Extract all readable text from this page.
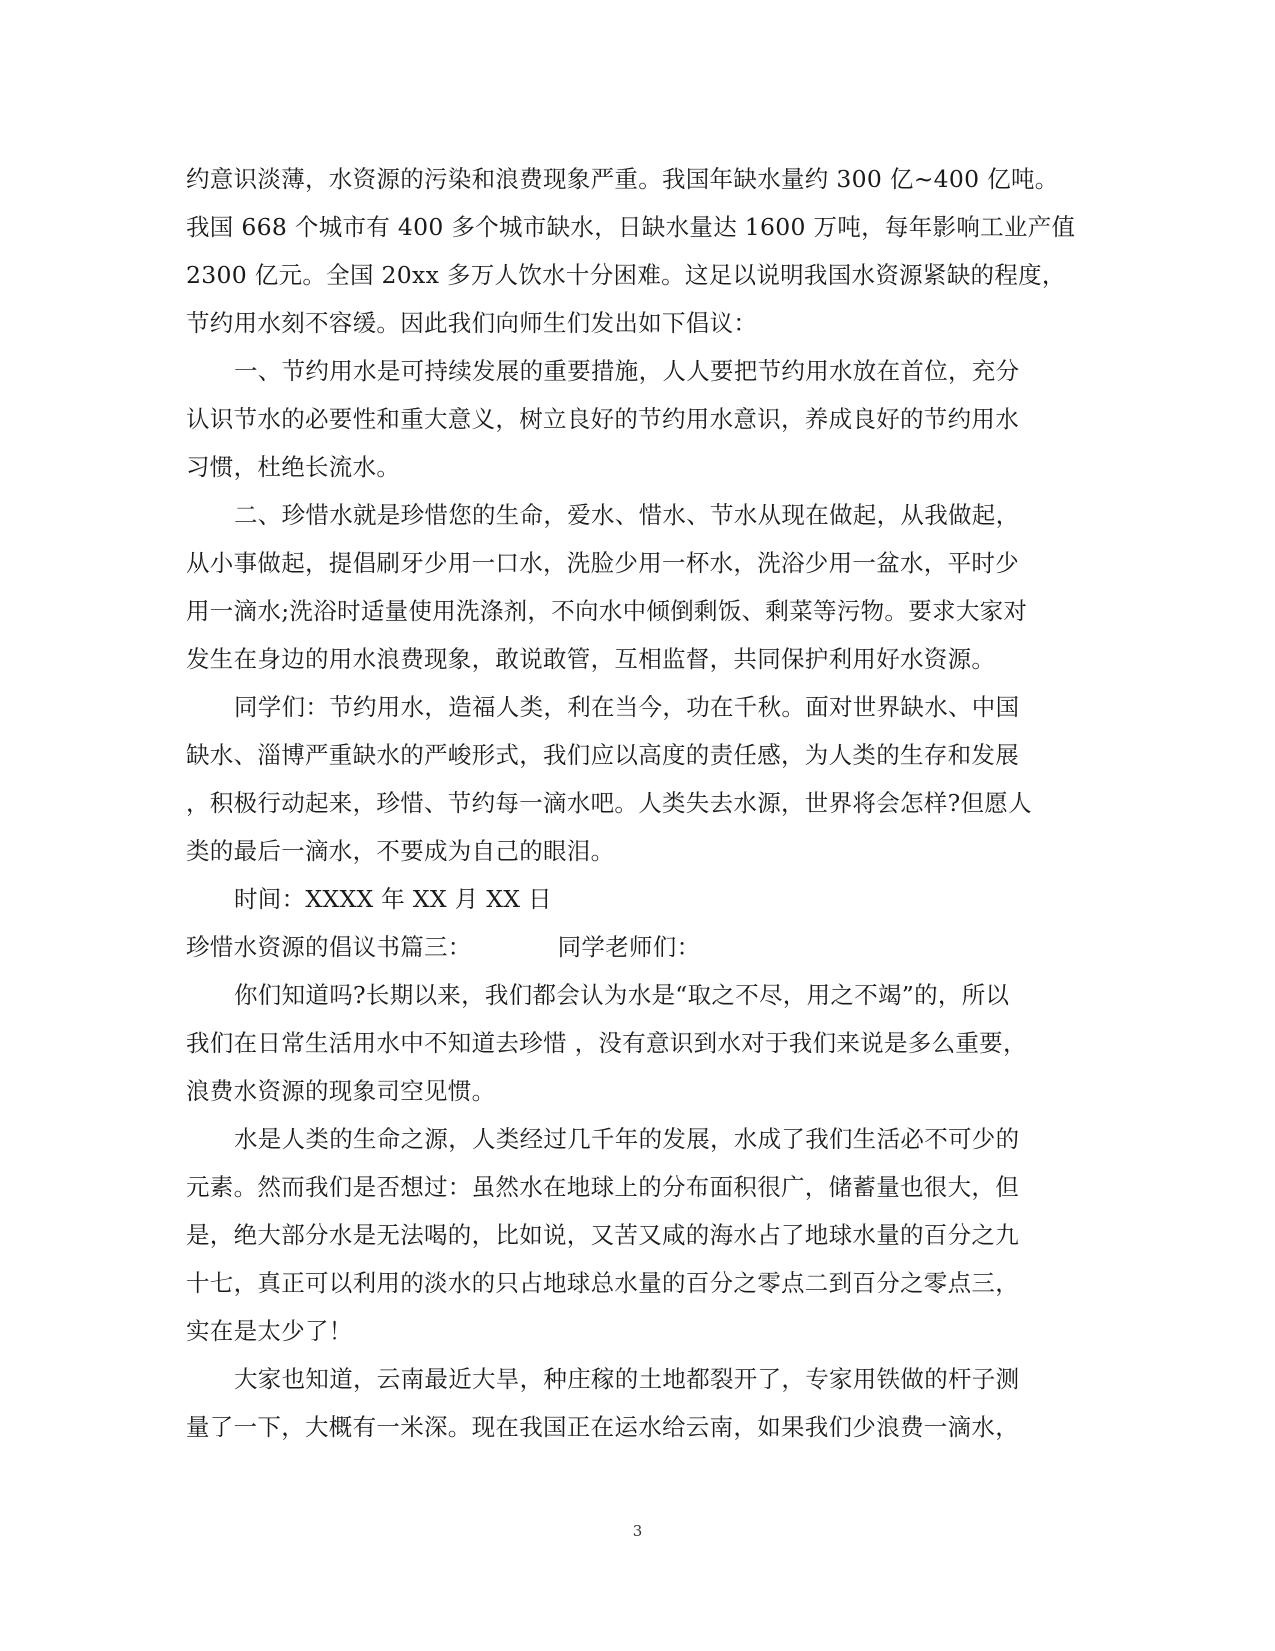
约意识淡薄，水资源的污染和浪费现象严重。我国年缺水量约 300 亿~400 亿吨。
我国 668 个城市有 400 多个城市缺水，日缺水量达 1600 万吨，每年影响工业产值
2300 亿元。全国 20xx 多万人饮水十分困难。这足以说明我国水资源紧缺的程度，
节约用水刻不容缓。因此我们向师生们发出如下倡议：
一、节约用水是可持续发展的重要措施，人人要把节约用水放在首位，充分
认识节水的必要性和重大意义，树立良好的节约用水意识，养成良好的节约用水
习惯，杜绝长流水。
二、珍惜水就是珍惜您的生命，爱水、惜水、节水从现在做起，从我做起，
从小事做起，提倡刷牙少用一口水，洗脸少用一杯水，洗浴少用一盆水，平时少
用一滴水;洗浴时适量使用洗涤剂，不向水中倾倒剩饭、剩菜等污物。要求大家对
发生在身边的用水浪费现象，敢说敢管，互相监督，共同保护利用好水资源。
同学们：节约用水，造福人类，利在当今，功在千秋。面对世界缺水、中国
缺水、淄博严重缺水的严峻形式，我们应以高度的责任感，为人类的生存和发展
，积极行动起来，珍惜、节约每一滴水吧。人类失去水源，世界将会怎样?但愿人
类的最后一滴水，不要成为自己的眼泪。
时间：XXXX 年 XX 月 XX 日
珍惜水资源的倡议书篇三：	同学老师们：
你们知道吗?长期以来，我们都会认为水是“取之不尽，用之不竭”的，所以
我们在日常生活用水中不知道去珍惜 ，没有意识到水对于我们来说是多么重要，
浪费水资源的现象司空见惯。
水是人类的生命之源，人类经过几千年的发展，水成了我们生活必不可少的
元素。然而我们是否想过：虽然水在地球上的分布面积很广，储蓄量也很大，但
是，绝大部分水是无法喝的，比如说，又苦又咸的海水占了地球水量的百分之九
十七，真正可以利用的淡水的只占地球总水量的百分之零点二到百分之零点三，
实在是太少了！
大家也知道，云南最近大旱，种庄稼的土地都裂开了，专家用铁做的杆子测
量了一下，大概有一米深。现在我国正在运水给云南，如果我们少浪费一滴水，
3
